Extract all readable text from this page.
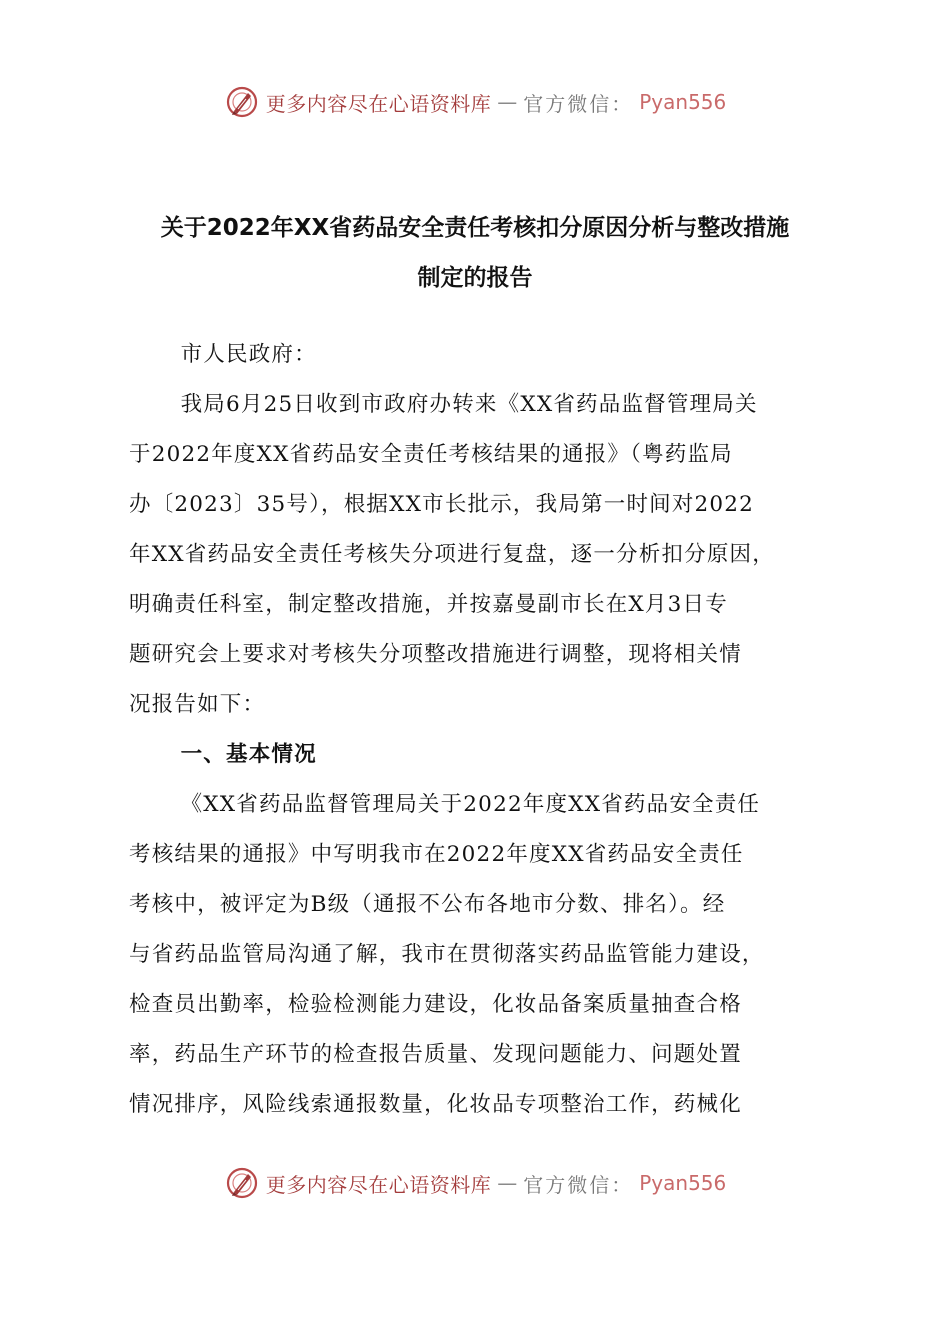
更多内容尽在心语资料库 — 官方微信： Pyan556
关于2022年XX省药品安全责任考核扣分原因分析与整改措施
制定的报告

市人民政府：

我局6月25日收到市政府办转来《XX省药品监督管理局关
于2022年度XX省药品安全责任考核结果的通报》（粤药监局
办〔2023〕35号），根据XX市长批示，我局第一时间对2022
年XX省药品安全责任考核失分项进行复盘，逐一分析扣分原因，
明确责任科室，制定整改措施，并按嘉曼副市长在X月3日专
题研究会上要求对考核失分项整改措施进行调整，现将相关情
况报告如下：

一、基本情况

《XX省药品监督管理局关于2022年度XX省药品安全责任
考核结果的通报》中写明我市在2022年度XX省药品安全责任
考核中，被评定为B级（通报不公布各地市分数、排名）。经
与省药品监管局沟通了解，我市在贯彻落实药品监管能力建设，
检查员出勤率，检验检测能力建设，化妆品备案质量抽查合格
率，药品生产环节的检查报告质量、发现问题能力、问题处置
情况排序，风险线索通报数量，化妆品专项整治工作，药械化
更多内容尽在心语资料库 — 官方微信： Pyan556
